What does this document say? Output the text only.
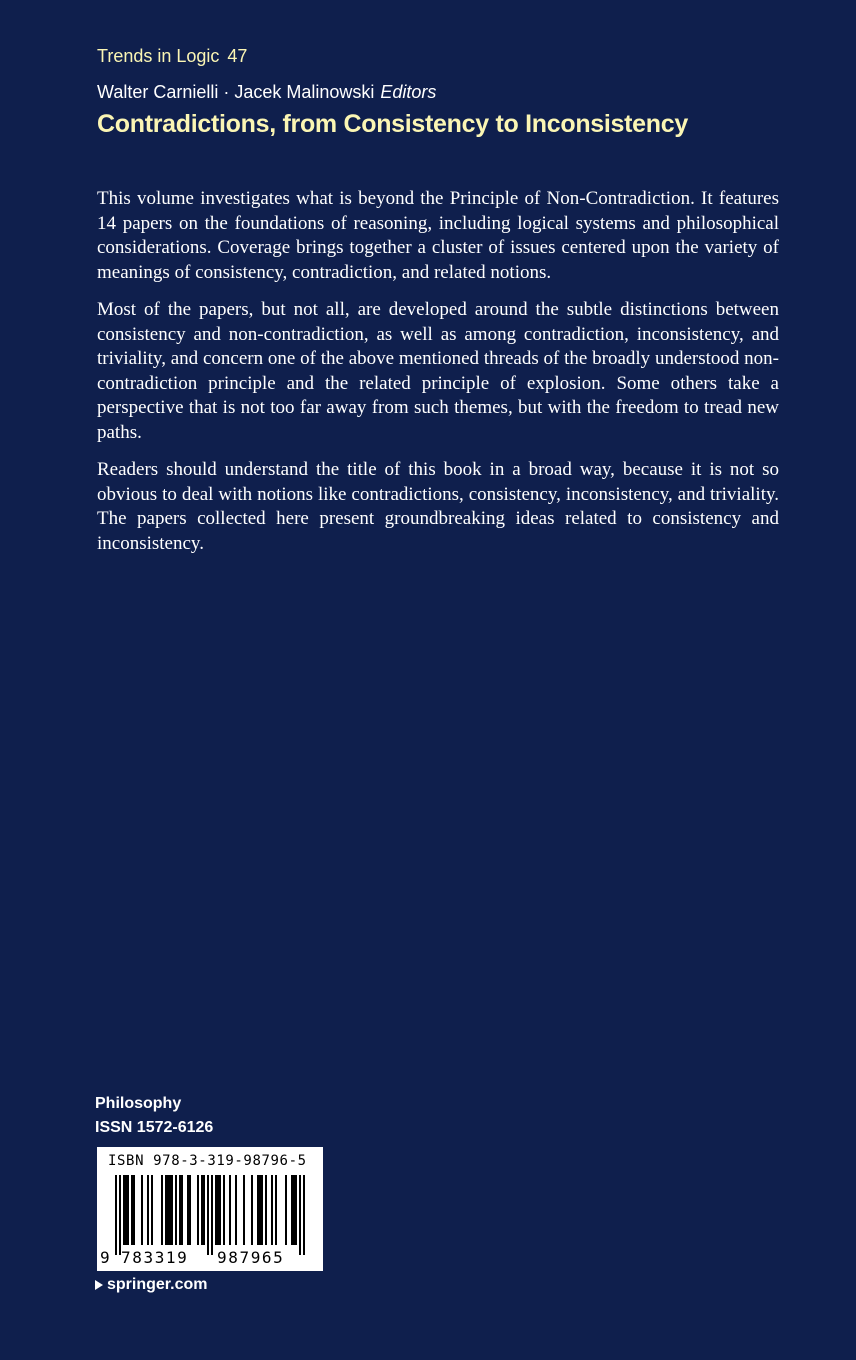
Trends in Logic 47
Walter Carnielli · Jacek Malinowski Editors
Contradictions, from Consistency to Inconsistency

This volume investigates what is beyond the Principle of Non-Contradiction. It features 14 papers on the foundations of reasoning, including logical systems and philosophical considerations. Coverage brings together a cluster of issues centered upon the variety of meanings of consistency, contradiction, and related notions.

Most of the papers, but not all, are developed around the subtle distinctions between consistency and non-contradiction, as well as among contradiction, inconsistency, and triviality, and concern one of the above mentioned threads of the broadly understood non-contradiction principle and the related principle of explosion. Some others take a perspective that is not too far away from such themes, but with the freedom to tread new paths.

Readers should understand the title of this book in a broad way, because it is not so obvious to deal with notions like contradictions, consistency, inconsistency, and triviality. The papers collected here present groundbreaking ideas related to consistency and inconsistency.

Philosophy
ISSN 1572-6126
ISBN 978-3-319-98796-5
9 783319	987965
springer.com
